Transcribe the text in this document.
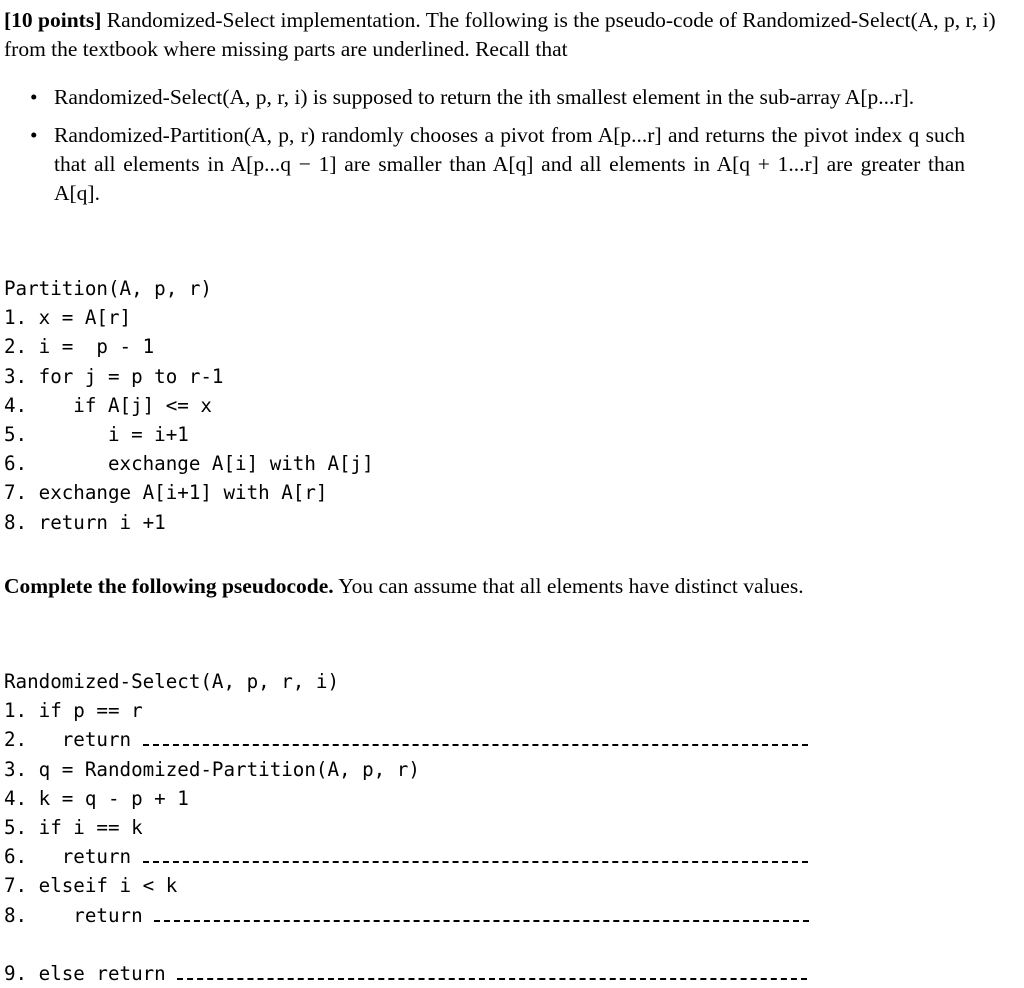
[10 points] Randomized-Select implementation. The following is the pseudo-code of Randomized-Select(A, p, r, i) from the textbook where missing parts are underlined. Recall that
• Randomized-Select(A, p, r, i) is supposed to return the ith smallest element in the sub-array A[p...r].
• Randomized-Partition(A, p, r) randomly chooses a pivot from A[p...r] and returns the pivot index q such that all elements in A[p...q − 1] are smaller than A[q] and all elements in A[q + 1...r] are greater than A[q].
Partition(A, p, r)
1. x = A[r]
2. i =  p - 1
3. for j = p to r-1
4.    if A[j] <= x
5.       i = i+1
6.       exchange A[i] with A[j]
7. exchange A[i+1] with A[r]
8. return i +1
Complete the following pseudocode. You can assume that all elements have distinct values.
Randomized-Select(A, p, r, i)
1. if p == r
2.   return
3. q = Randomized-Partition(A, p, r)
4. k = q - p + 1
5. if i == k
6.   return
7. elseif i < k
8.    return
9. else return
